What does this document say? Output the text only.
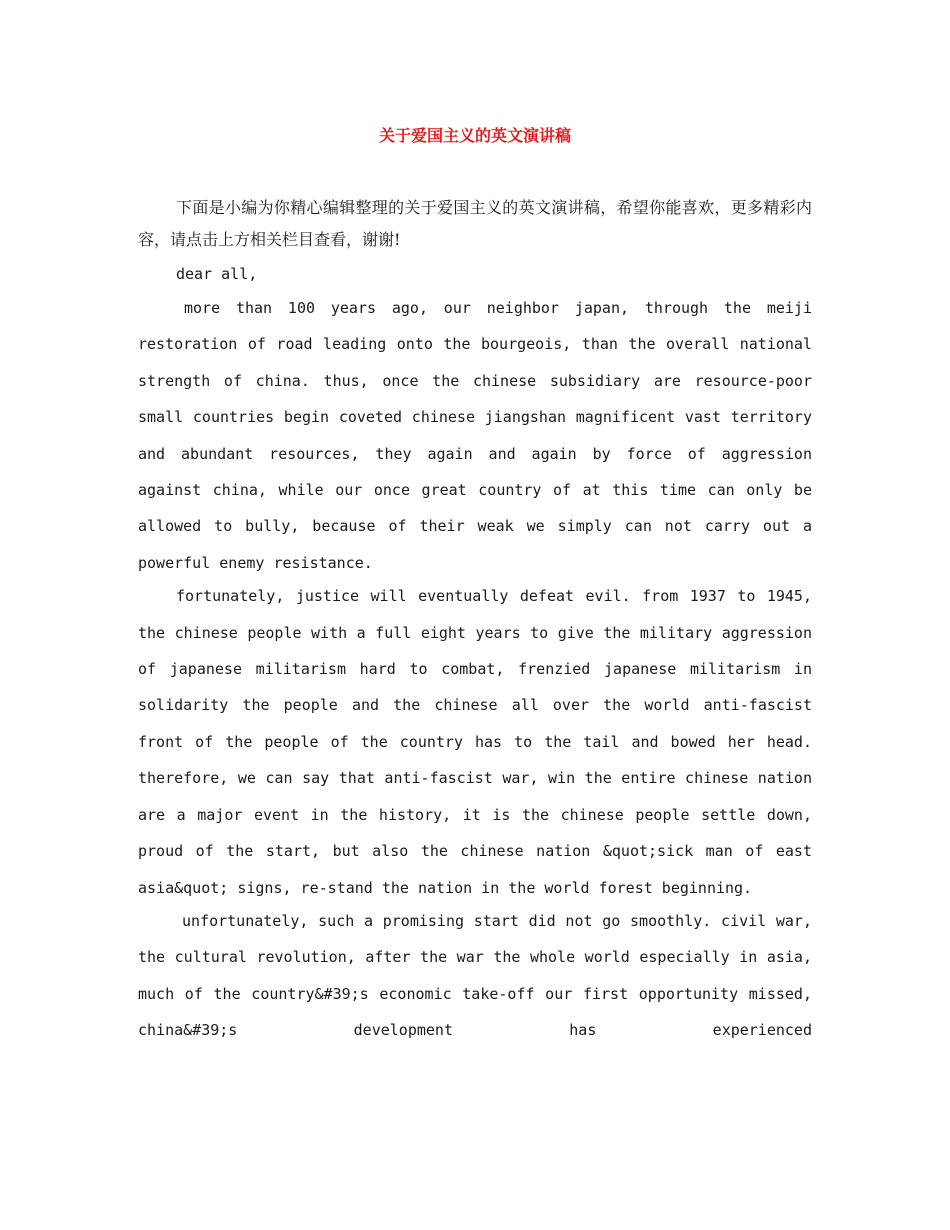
关于爱国主义的英文演讲稿

下面是小编为你精心编辑整理的关于爱国主义的英文演讲稿，希望你能喜欢，更多精彩内容，请点击上方相关栏目查看，谢谢!

dear all,

more than 100 years ago, our neighbor japan, through the meiji restoration of road leading onto the bourgeois, than the overall national strength of china. thus, once the chinese subsidiary are resource-poor small countries begin coveted chinese jiangshan magnificent vast territory and abundant resources, they again and again by force of aggression against china, while our once great country of at this time can only be allowed to bully, because of their weak we simply can not carry out a powerful enemy resistance.

fortunately, justice will eventually defeat evil. from 1937 to 1945, the chinese people with a full eight years to give the military aggression of japanese militarism hard to combat, frenzied japanese militarism in solidarity the people and the chinese all over the world anti-fascist front of the people of the country has to the tail and bowed her head. therefore, we can say that anti-fascist war, win the entire chinese nation are a major event in the history, it is the chinese people settle down, proud of the start, but also the chinese nation &quot;sick man of east asia&quot; signs, re-stand the nation in the world forest beginning.

unfortunately, such a promising start did not go smoothly. civil war, the cultural revolution, after the war the whole world especially in asia, much of the country&#39;s economic take-off our first opportunity missed, china&#39;s development has experienced
